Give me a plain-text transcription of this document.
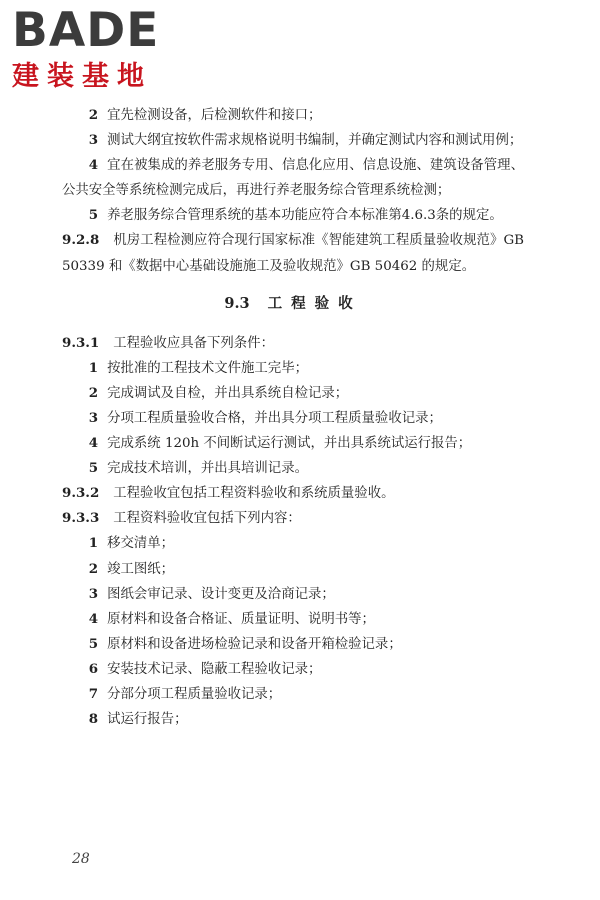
BADE
建装基地

2 宜先检测设备，后检测软件和接口；

3 测试大纲宜按软件需求规格说明书编制，并确定测试内容和测试用例；

4 宜在被集成的养老服务专用、信息化应用、信息设施、建筑设备管理、公共安全等系统检测完成后，再进行养老服务综合管理系统检测；

5 养老服务综合管理系统的基本功能应符合本标准第4.6.3条的规定。

9.2.8 机房工程检测应符合现行国家标准《智能建筑工程质量验收规范》GB 50339 和《数据中心基础设施施工及验收规范》GB 50462 的规定。

9.3 工程验收

9.3.1 工程验收应具备下列条件：

1 按批准的工程技术文件施工完毕；

2 完成调试及自检，并出具系统自检记录；

3 分项工程质量验收合格，并出具分项工程质量验收记录；

4 完成系统 120h 不间断试运行测试，并出具系统试运行报告；

5 完成技术培训，并出具培训记录。

9.3.2 工程验收宜包括工程资料验收和系统质量验收。

9.3.3 工程资料验收宜包括下列内容：

1 移交清单；

2 竣工图纸；

3 图纸会审记录、设计变更及洽商记录；

4 原材料和设备合格证、质量证明、说明书等；

5 原材料和设备进场检验记录和设备开箱检验记录；

6 安装技术记录、隐蔽工程验收记录；

7 分部分项工程质量验收记录；

8 试运行报告；

28
